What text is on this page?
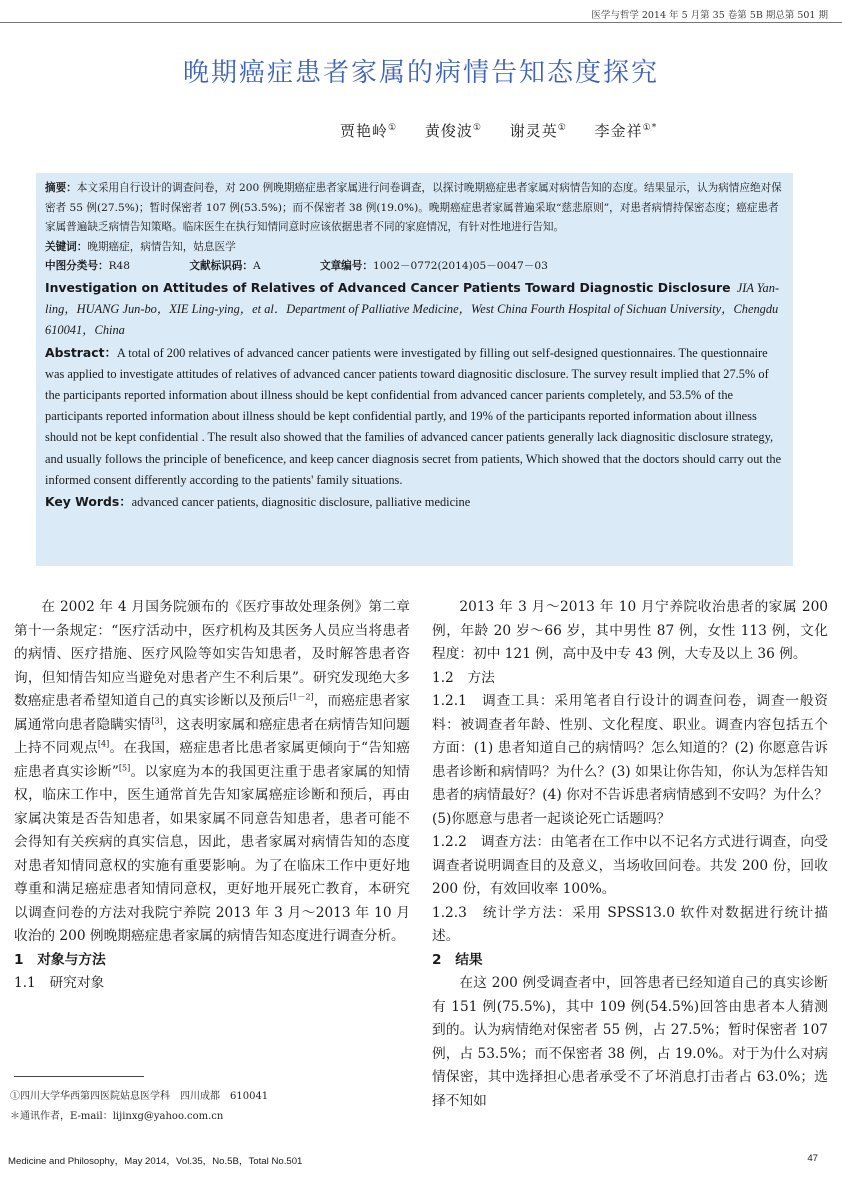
医学与哲学 2014 年 5 月第 35 卷第 5B 期总第 501 期
晚期癌症患者家属的病情告知态度探究
贾艳岭① 黄俊波① 谢灵英① 李金祥①*

摘要：本文采用自行设计的调查问卷，对 200 例晚期癌症患者家属进行问卷调查，以探讨晚期癌症患者家属对病情告知的态度。结果显示，认为病情应绝对保密者 55 例(27.5%)；暂时保密者 107 例(53.5%)；而不保密者 38 例(19.0%)。晚期癌症患者家属普遍采取“慈悲原则”，对患者病情持保密态度；癌症患者家属普遍缺乏病情告知策略。临床医生在执行知情同意时应该依据患者不同的家庭情况，有针对性地进行告知。

关键词：晚期癌症，病情告知，姑息医学

中图分类号：R48	文献标识码：A	文章编号：1002－0772(2014)05－0047－03

Investigation on Attitudes of Relatives of Advanced Cancer Patients Toward Diagnostic Disclosure JIA Yan-ling，HUANG Jun-bo，XIE Ling-ying，et al．Department of Palliative Medicine，West China Fourth Hospital of Sichuan University，Chengdu 610041，China

Abstract：A total of 200 relatives of advanced cancer patients were investigated by filling out self-designed questionnaires. The questionnaire was applied to investigate attitudes of relatives of advanced cancer patients toward diagnositic disclosure. The survey result implied that 27.5% of the participants reported information about illness should be kept confidential from advanced cancer parients completely, and 53.5% of the participants reported information about illness should be kept confidential partly, and 19% of the participants reported information about illness should not be kept confidential . The result also showed that the families of advanced cancer patients generally lack diagnositic disclosure strategy, and usually follows the principle of beneficence, and keep cancer diagnosis secret from patients, Which showed that the doctors should carry out the informed consent differently according to the patients' family situations.

Key Words：advanced cancer patients, diagnositic disclosure, palliative medicine

在 2002 年 4 月国务院颁布的《医疗事故处理条例》第二章第十一条规定：“医疗活动中，医疗机构及其医务人员应当将患者的病情、医疗措施、医疗风险等如实告知患者，及时解答患者咨询，但知情告知应当避免对患者产生不利后果”。研究发现绝大多数癌症患者希望知道自己的真实诊断以及预后[1－2]，而癌症患者家属通常向患者隐瞒实情[3]，这表明家属和癌症患者在病情告知问题上持不同观点[4]。在我国，癌症患者比患者家属更倾向于“告知癌症患者真实诊断”[5]。以家庭为本的我国更注重于患者家属的知情权，临床工作中，医生通常首先告知家属癌症诊断和预后，再由家属决策是否告知患者，如果家属不同意告知患者，患者可能不会得知有关疾病的真实信息，因此，患者家属对病情告知的态度对患者知情同意权的实施有重要影响。为了在临床工作中更好地尊重和满足癌症患者知情同意权，更好地开展死亡教育，本研究以调查问卷的方法对我院宁养院 2013 年 3 月～2013 年 10 月收治的 200 例晚期癌症患者家属的病情告知态度进行调查分析。

1　对象与方法

1.1　研究对象

2013 年 3 月～2013 年 10 月宁养院收治患者的家属 200 例，年龄 20 岁～66 岁，其中男性 87 例，女性 113 例，文化程度：初中 121 例，高中及中专 43 例，大专及以上 36 例。

1.2　方法

1.2.1　调查工具：采用笔者自行设计的调查问卷，调查一般资料：被调查者年龄、性别、文化程度、职业。调查内容包括五个方面：(1) 患者知道自己的病情吗？怎么知道的？(2) 你愿意告诉患者诊断和病情吗？为什么？(3) 如果让你告知，你认为怎样告知患者的病情最好？(4) 你对不告诉患者病情感到不安吗？为什么？(5)你愿意与患者一起谈论死亡话题吗？

1.2.2　调查方法：由笔者在工作中以不记名方式进行调查，向受调查者说明调查目的及意义，当场收回问卷。共发 200 份，回收 200 份，有效回收率 100%。

1.2.3　统计学方法：采用 SPSS13.0 软件对数据进行统计描述。

2　结果

在这 200 例受调查者中，回答患者已经知道自己的真实诊断有 151 例(75.5%)，其中 109 例(54.5%)回答由患者本人猜测到的。认为病情绝对保密者 55 例，占 27.5%；暂时保密者 107 例，占 53.5%；而不保密者 38 例，占 19.0%。对于为什么对病情保密，其中选择担心患者承受不了坏消息打击者占 63.0%；选择不知如

①四川大学华西第四医院姑息医学科　四川成都　610041
＊通讯作者，E-mail：lijinxg@yahoo.com.cn
Medicine and Philosophy，May 2014，Vol.35，No.5B，Total No.501	47
